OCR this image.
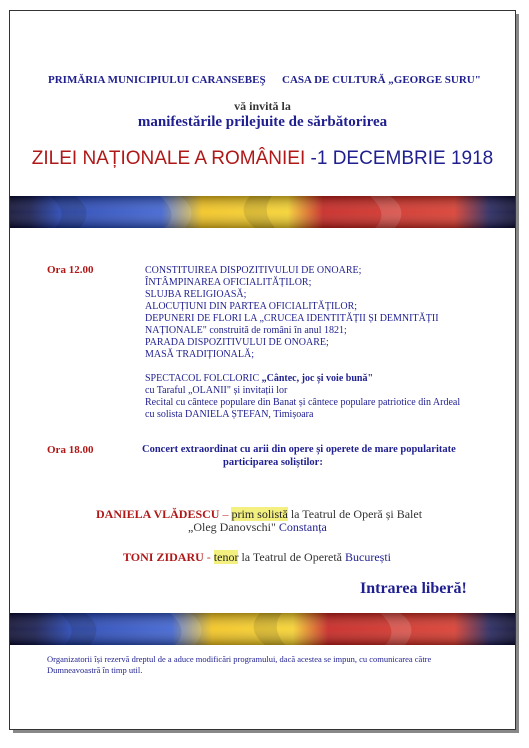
PRIMĂRIA MUNICIPIULUI CARANSEBEŞ CASA DE CULTURĂ „GEORGE SURU"
vă invită la
manifestările prilejuite de sărbătorirea
ZILEI NAȚIONALE A ROMÂNIEI -1 DECEMBRIE 1918
Ora 12.00	CONSTITUIREA DISPOZITIVULUI DE ONOARE;
ÎNTÂMPINAREA OFICIALITĂȚILOR;
SLUJBA RELIGIOASĂ;
ALOCUȚIUNI DIN PARTEA OFICIALITĂȚILOR;
DEPUNERI DE FLORI LA „CRUCEA IDENTITĂȚII ȘI DEMNITĂȚII
NAȚIONALE" construită de români în anul 1821;
PARADA DISPOZITIVULUI DE ONOARE;
MASĂ TRADIȚIONALĂ;
SPECTACOL FOLCLORIC „Cântec, joc și voie bună"
cu Taraful „OLANII" și invitații lor
Recital cu cântece populare din Banat și cântece populare patriotice din Ardeal
cu solista DANIELA ȘTEFAN, Timișoara
Ora 18.00	Concert extraordinat cu arii din opere și operete de mare popularitate
participarea soliștilor:
DANIELA VLĂDESCU – prim solistă la Teatrul de Operă și Balet
„Oleg Danovschi" Constanța
TONI ZIDARU - tenor la Teatrul de Operetă București
Intrarea liberă!
Organizatorii își rezervă dreptul de a aduce modificări programului, dacă acestea se impun, cu comunicarea către
Dumneavoastră în timp util.
